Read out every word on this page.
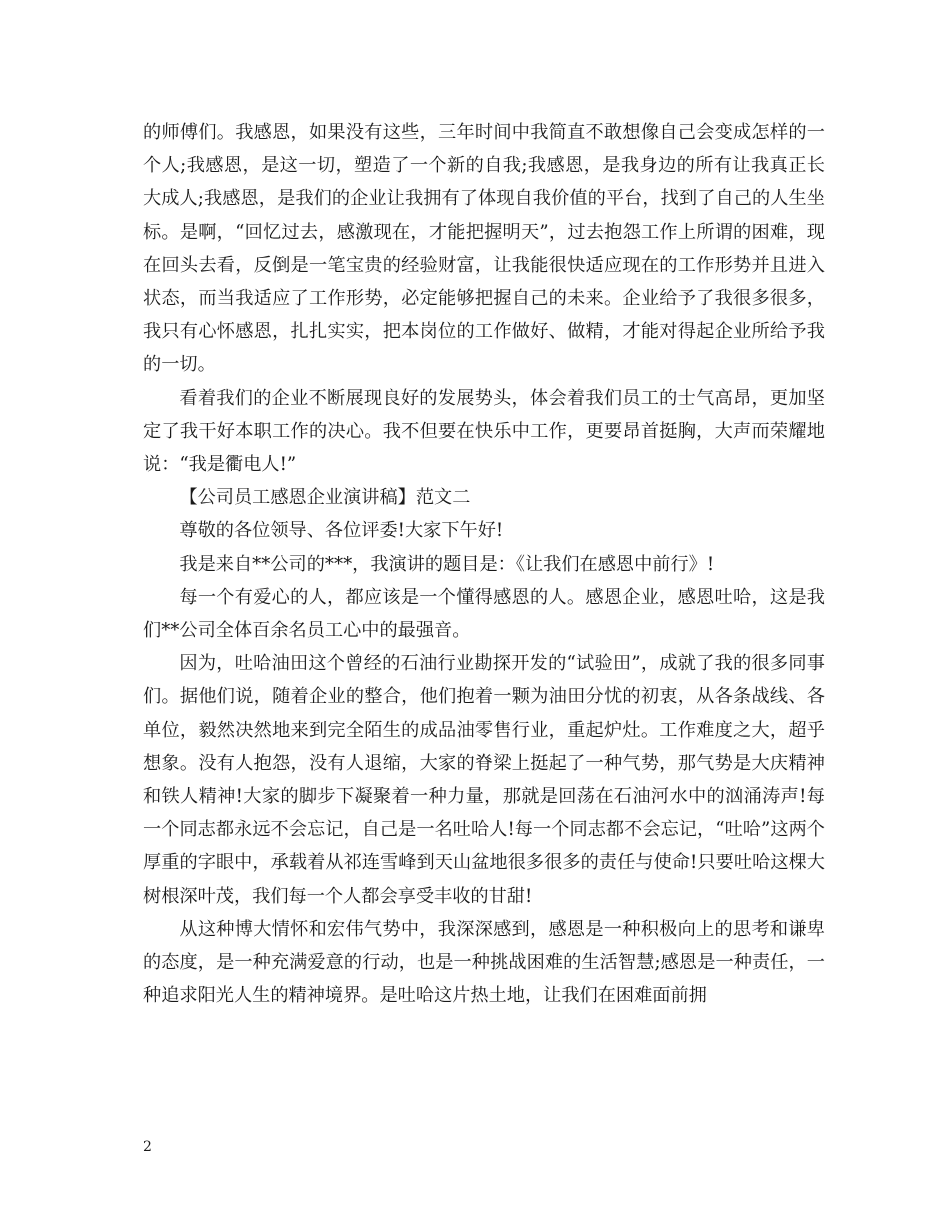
的师傅们。我感恩，如果没有这些，三年时间中我简直不敢想像自己会变成怎样的一个人;我感恩，是这一切，塑造了一个新的自我;我感恩，是我身边的所有让我真正长大成人;我感恩，是我们的企业让我拥有了体现自我价值的平台，找到了自己的人生坐标。是啊，“回忆过去，感激现在，才能把握明天”，过去抱怨工作上所谓的困难，现在回头去看，反倒是一笔宝贵的经验财富，让我能很快适应现在的工作形势并且进入状态，而当我适应了工作形势，必定能够把握自己的未来。企业给予了我很多很多，我只有心怀感恩，扎扎实实，把本岗位的工作做好、做精，才能对得起企业所给予我的一切。

看着我们的企业不断展现良好的发展势头，体会着我们员工的士气高昂，更加坚定了我干好本职工作的决心。我不但要在快乐中工作，更要昂首挺胸，大声而荣耀地说：“我是衢电人!”

【公司员工感恩企业演讲稿】范文二

尊敬的各位领导、各位评委!大家下午好!

我是来自**公司的***，我演讲的题目是：《让我们在感恩中前行》!

每一个有爱心的人，都应该是一个懂得感恩的人。感恩企业，感恩吐哈，这是我们**公司全体百余名员工心中的最强音。

因为，吐哈油田这个曾经的石油行业勘探开发的“试验田”，成就了我的很多同事们。据他们说，随着企业的整合，他们抱着一颗为油田分忧的初衷，从各条战线、各单位，毅然决然地来到完全陌生的成品油零售行业，重起炉灶。工作难度之大，超乎想象。没有人抱怨，没有人退缩，大家的脊梁上挺起了一种气势，那气势是大庆精神和铁人精神!大家的脚步下凝聚着一种力量，那就是回荡在石油河水中的汹涌涛声!每一个同志都永远不会忘记，自己是一名吐哈人!每一个同志都不会忘记，“吐哈”这两个厚重的字眼中，承载着从祁连雪峰到天山盆地很多很多的责任与使命!只要吐哈这棵大树根深叶茂，我们每一个人都会享受丰收的甘甜!

从这种博大情怀和宏伟气势中，我深深感到，感恩是一种积极向上的思考和谦卑的态度，是一种充满爱意的行动，也是一种挑战困难的生活智慧;感恩是一种责任，一种追求阳光人生的精神境界。是吐哈这片热土地，让我们在困难面前拥

2
